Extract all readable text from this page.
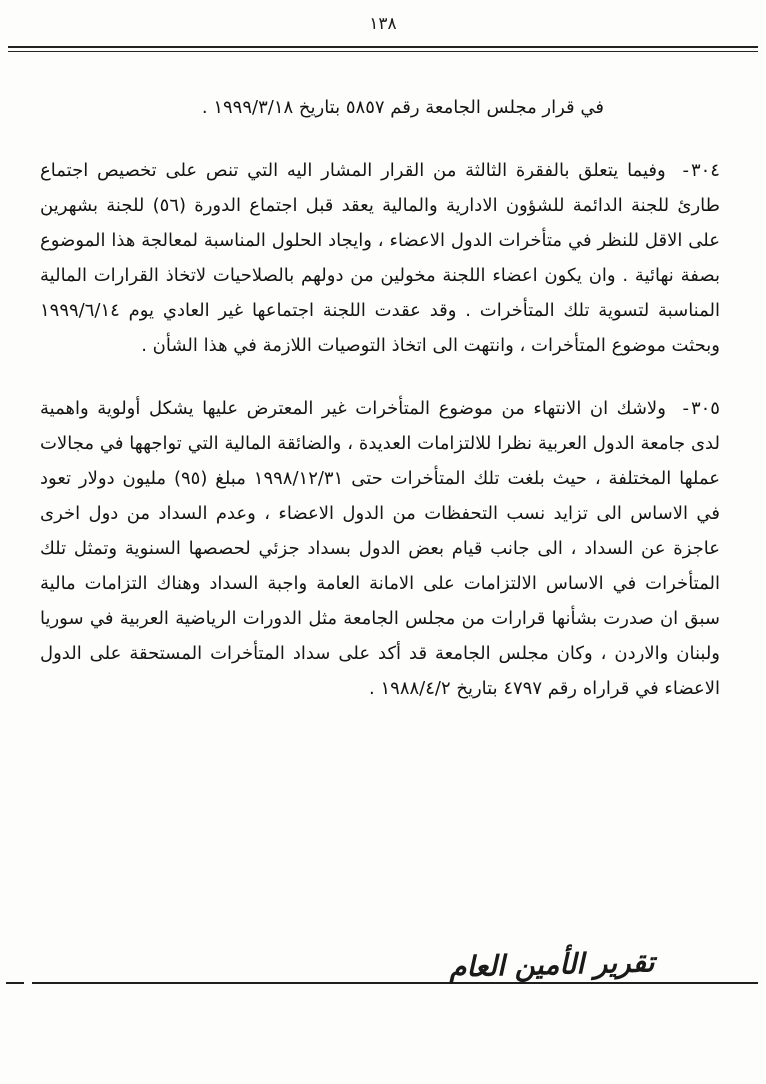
١٣٨

في قرار مجلس الجامعة رقم ٥٨٥٧ بتاريخ ١٩٩٩/٣/١٨ .

٣٠٤- وفيما يتعلق بالفقرة الثالثة من القرار المشار اليه التي تنص على تخصيص اجتماع طارئ للجنة الدائمة للشؤون الادارية والمالية يعقد قبل اجتماع الدورة (٥٦) للجنة بشهرين على الاقل للنظر في متأخرات الدول الاعضاء ، وايجاد الحلول المناسبة لمعالجة هذا الموضوع بصفة نهائية . وان يكون اعضاء اللجنة مخولين من دولهم بالصلاحيات لاتخاذ القرارات المالية المناسبة لتسوية تلك المتأخرات . وقد عقدت اللجنة اجتماعها غير العادي يوم ١٩٩٩/٦/١٤ وبحثت موضوع المتأخرات ، وانتهت الى اتخاذ التوصيات اللازمة في هذا الشأن .

٣٠٥- ولاشك ان الانتهاء من موضوع المتأخرات غير المعترض عليها يشكل أولوية واهمية لدى جامعة الدول العربية نظرا للالتزامات العديدة ، والضائقة المالية التي تواجهها في مجالات عملها المختلفة ، حيث بلغت تلك المتأخرات حتى ١٩٩٨/١٢/٣١ مبلغ (٩٥) مليون دولار تعود في الاساس الى تزايد نسب التحفظات من الدول الاعضاء ، وعدم السداد من دول اخرى عاجزة عن السداد ، الى جانب قيام بعض الدول بسداد جزئي لحصصها السنوية وتمثل تلك المتأخرات في الاساس الالتزامات على الامانة العامة واجبة السداد وهناك التزامات مالية سبق ان صدرت بشأنها قرارات من مجلس الجامعة مثل الدورات الرياضية العربية في سوريا ولبنان والاردن ، وكان مجلس الجامعة قد أكد على سداد المتأخرات المستحقة على الدول الاعضاء في قراراه رقم ٤٧٩٧ بتاريخ ١٩٨٨/٤/٢ .

تقرير الأمين العام
